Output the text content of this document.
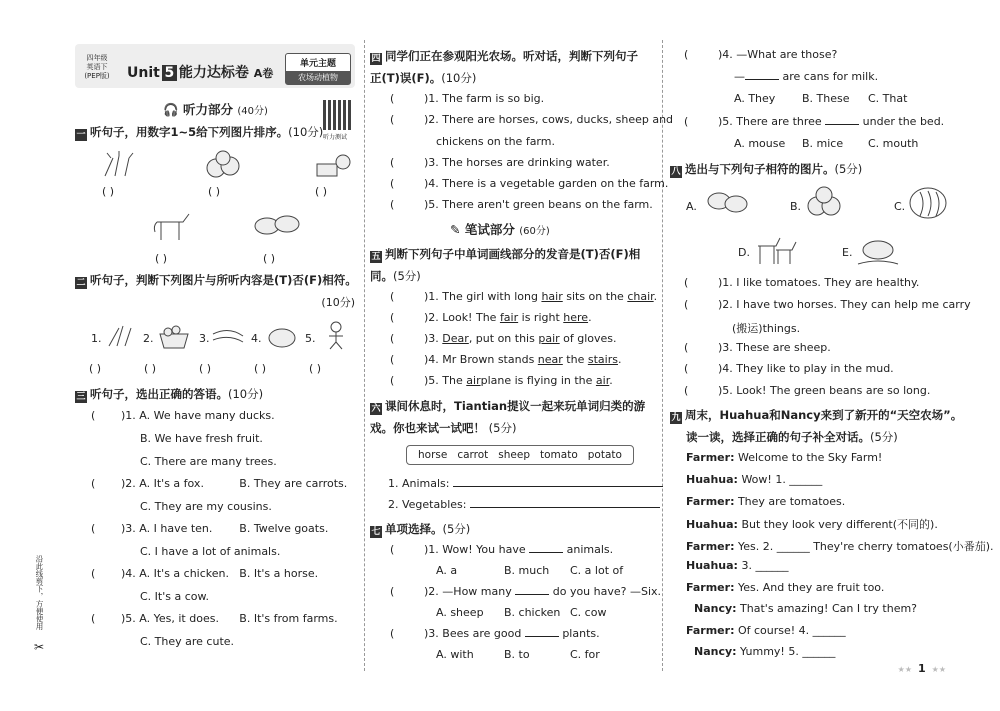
四年级
英语下
(PEP版)	Unit 5 能力达标卷 A卷
单元主题
农场动植物
🎧 听力部分 (40分)
听力测试
一 听句子，用数字1~5给下列图片排序。(10分)
( )	( )	( )
( )	( )
二 听句子，判断下列图片与所听内容是(T)否(F)相符。
(10分)
1.	2.	3.	4.	5.
( )	( )	( )	( )	( )
三 听句子，选出正确的答语。(10分)
( )1. A. We have many ducks.
B. We have fresh fruit.
C. There are many trees.
( )2. A. It's a fox.	B. They are carrots.
C. They are my cousins.
( )3. A. I have ten. B. Twelve goats.
C. I have a lot of animals.
( )4. A. It's a chicken. B. It's a horse.
C. It's a cow.
( )5. A. Yes, it does. B. It's from farms.
C. They are cute.
沿此线剪下，方便使用
✂
四 同学们正在参观阳光农场。听对话，判断下列句子
正(T)误(F)。(10分)
(	)1. The farm is so big.
(	)2. There are horses, cows, ducks, sheep and
chickens on the farm.
(	)3. The horses are drinking water.
(	)4. There is a vegetable garden on the farm.
(	)5. There aren't green beans on the farm.
✎ 笔试部分 (60分)
五 判断下列句子中单词画线部分的发音是(T)否(F)相
同。(5分)
(	)1. The girl with long hair sits on the chair.
(	)2. Look! The fair is right here.
(	)3. Dear, put on this pair of gloves.
(	)4. Mr Brown stands near the stairs.
(	)5. The airplane is flying in the air.
六 课间休息时，Tiantian提议一起来玩单词归类的游
戏。你也来试一试吧！ (5分)
horse carrot sheep tomato potato
1. Animals:
2. Vegetables:
七 单项选择。(5分)
(	)1. Wow! You have	animals.
A. a	B. much C. a lot of
(	)2. —How many	do you have? —Six.
A. sheep B. chicken C. cow
(	)3. Bees are good	plants.
A. with	B. to	C. for
(	)4. —What are those?
—	are cans for milk.
A. They B. These C. That
(	)5. There are three	under the bed.
A. mouse B. mice C. mouth
八 选出与下列句子相符的图片。(5分)
A.	B.	C.
D.	E.
(	)1. I like tomatoes. They are healthy.
(	)2. I have two horses. They can help me carry
(搬运)things.
(	)3. These are sheep.
(	)4. They like to play in the mud.
(	)5. Look! The green beans are so long.
九 周末，Huahua和Nancy来到了新开的“天空农场”。
读一读，选择正确的句子补全对话。(5分)
Farmer: Welcome to the Sky Farm!
Huahua: Wow! 1. ______
Farmer: They are tomatoes.
Huahua: But they look very different(不同的).
Farmer: Yes. 2. ______ They're cherry tomatoes(小番茄).
Huahua: 3. ______
Farmer: Yes. And they are fruit too.
Nancy: That's amazing! Can I try them?
Farmer: Of course! 4. ______
Nancy: Yummy! 5. ______
★★ 1 ★★
